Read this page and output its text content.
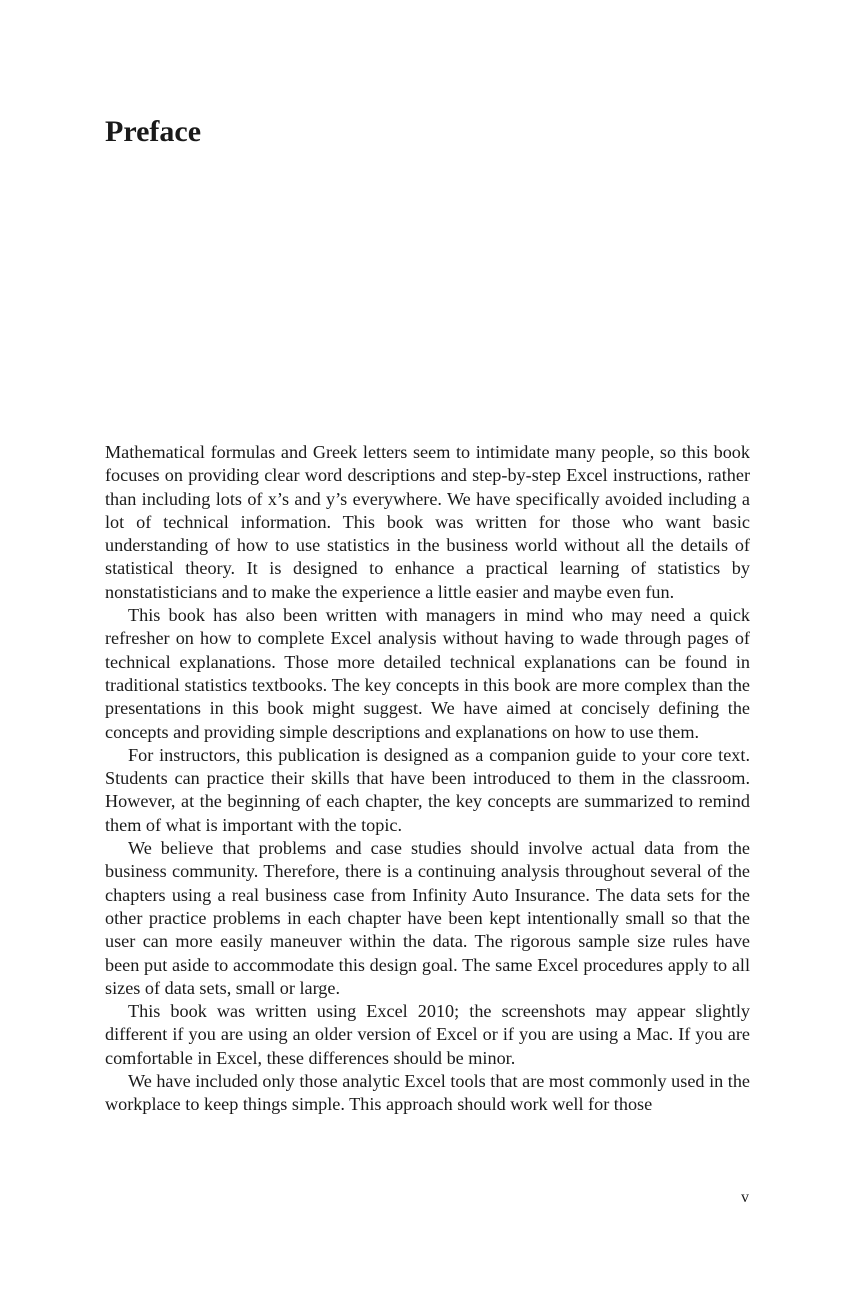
Preface

Mathematical formulas and Greek letters seem to intimidate many people, so this book focuses on providing clear word descriptions and step-by-step Excel instructions, rather than including lots of x’s and y’s everywhere. We have specifically avoided including a lot of technical information. This book was written for those who want basic understanding of how to use statistics in the business world without all the details of statistical theory. It is designed to enhance a practical learning of statistics by nonstatisticians and to make the experience a little easier and maybe even fun.

This book has also been written with managers in mind who may need a quick refresher on how to complete Excel analysis without having to wade through pages of technical explanations. Those more detailed technical explanations can be found in traditional statistics textbooks. The key concepts in this book are more complex than the presentations in this book might suggest. We have aimed at concisely defining the concepts and providing simple descriptions and explanations on how to use them.

For instructors, this publication is designed as a companion guide to your core text. Students can practice their skills that have been introduced to them in the classroom. However, at the beginning of each chapter, the key concepts are summarized to remind them of what is important with the topic.

We believe that problems and case studies should involve actual data from the business community. Therefore, there is a continuing analysis throughout several of the chapters using a real business case from Infinity Auto Insurance. The data sets for the other practice problems in each chapter have been kept intentionally small so that the user can more easily maneuver within the data. The rigorous sample size rules have been put aside to accommodate this design goal. The same Excel procedures apply to all sizes of data sets, small or large.

This book was written using Excel 2010; the screenshots may appear slightly different if you are using an older version of Excel or if you are using a Mac. If you are comfortable in Excel, these differences should be minor.

We have included only those analytic Excel tools that are most commonly used in the workplace to keep things simple. This approach should work well for those

v
